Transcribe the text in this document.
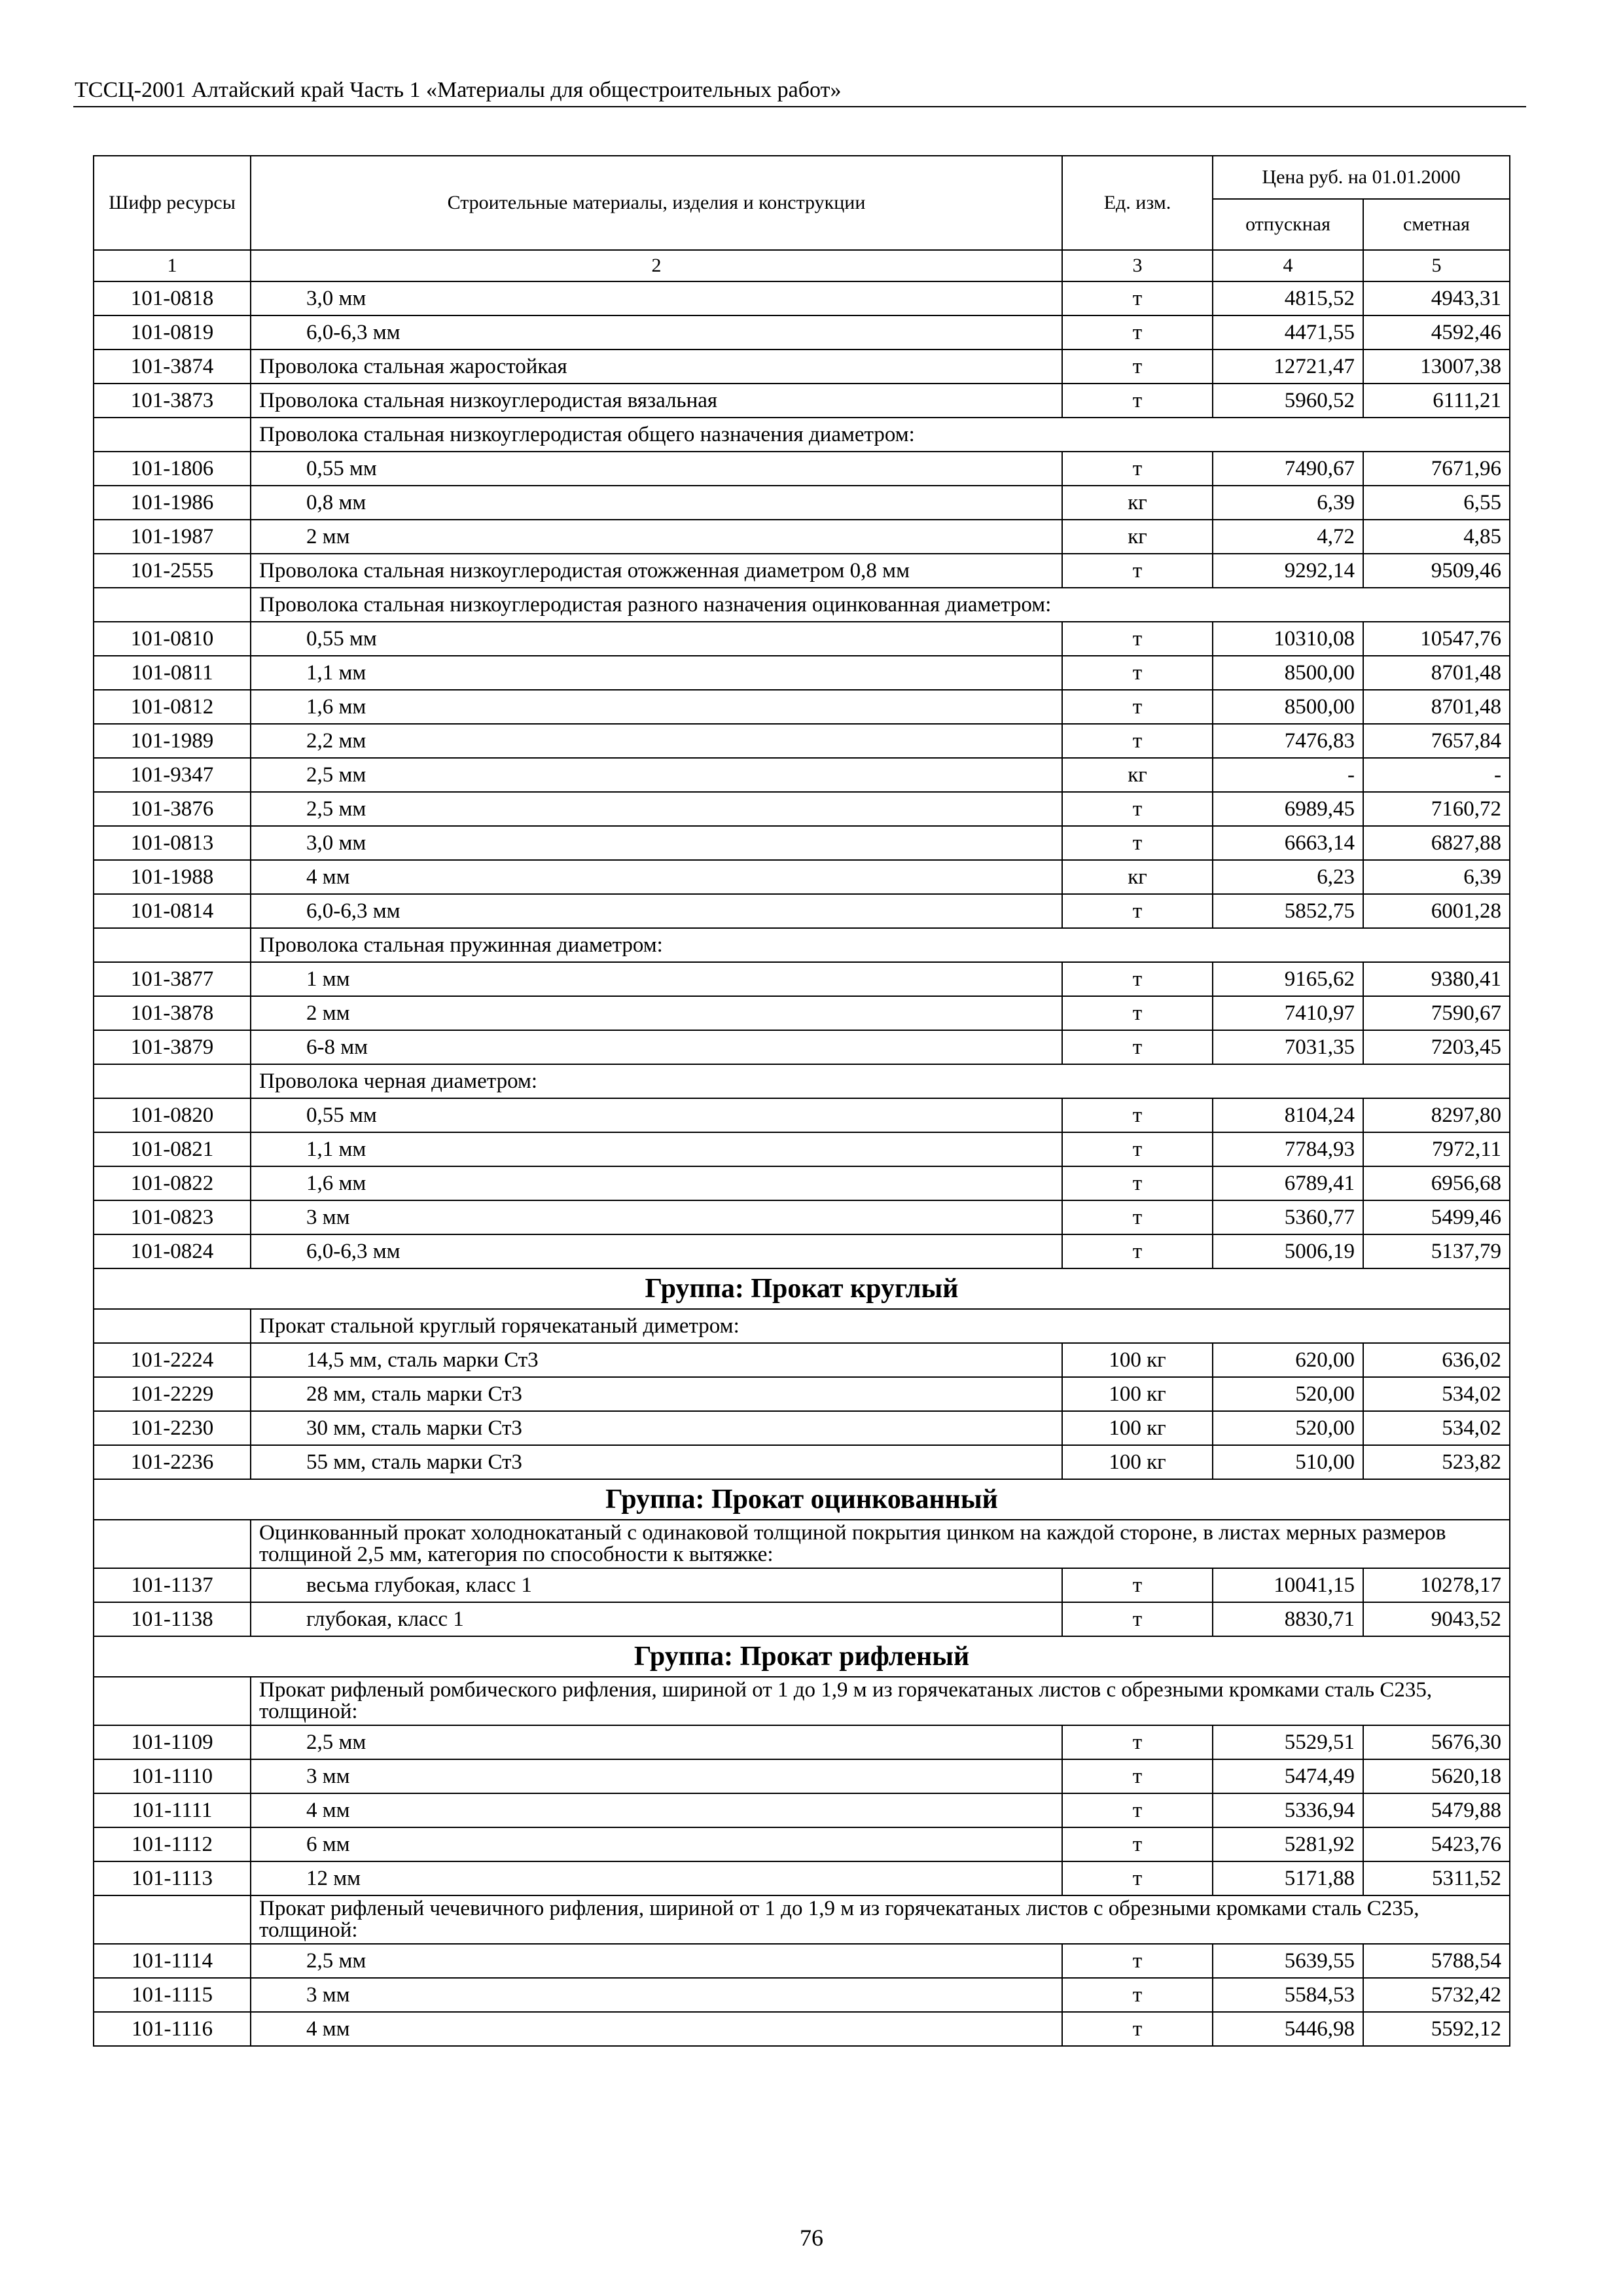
ТССЦ-2001 Алтайский край Часть 1 «Материалы для общестроительных работ»
Шифр ресурсы	Строительные материалы, изделия и конструкции	Ед. изм.	Цена руб. на 01.01.2000	
			отпускная	сметная
1	2	3	4	5
101-0818	3,0 мм	т	4815,52	4943,31
101-0819	6,0-6,3 мм	т	4471,55	4592,46
101-3874	Проволока стальная жаростойкая	т	12721,47	13007,38
101-3873	Проволока стальная низкоуглеродистая вязальная	т	5960,52	6111,21
	Проволока стальная низкоуглеродистая общего назначения диаметром:			
101-1806	0,55 мм	т	7490,67	7671,96
101-1986	0,8 мм	кг	6,39	6,55
101-1987	2 мм	кг	4,72	4,85
101-2555	Проволока стальная низкоуглеродистая отожженная диаметром 0,8 мм	т	9292,14	9509,46
	Проволока стальная низкоуглеродистая разного назначения оцинкованная диаметром:			
101-0810	0,55 мм	т	10310,08	10547,76
101-0811	1,1 мм	т	8500,00	8701,48
101-0812	1,6 мм	т	8500,00	8701,48
101-1989	2,2 мм	т	7476,83	7657,84
101-9347	2,5 мм	кг	-	-
101-3876	2,5 мм	т	6989,45	7160,72
101-0813	3,0 мм	т	6663,14	6827,88
101-1988	4 мм	кг	6,23	6,39
101-0814	6,0-6,3 мм	т	5852,75	6001,28
	Проволока стальная пружинная диаметром:			
101-3877	1 мм	т	9165,62	9380,41
101-3878	2 мм	т	7410,97	7590,67
101-3879	6-8 мм	т	7031,35	7203,45
	Проволока черная диаметром:			
101-0820	0,55 мм	т	8104,24	8297,80
101-0821	1,1 мм	т	7784,93	7972,11
101-0822	1,6 мм	т	6789,41	6956,68
101-0823	3 мм	т	5360,77	5499,46
101-0824	6,0-6,3 мм	т	5006,19	5137,79
Группа: Прокат круглый				
	Прокат стальной круглый горячекатаный диметром:			
101-2224	14,5 мм, сталь марки Ст3	100 кг	620,00	636,02
101-2229	28 мм, сталь марки Ст3	100 кг	520,00	534,02
101-2230	30 мм, сталь марки Ст3	100 кг	520,00	534,02
101-2236	55 мм, сталь марки Ст3	100 кг	510,00	523,82
Группа: Прокат оцинкованный				
	Оцинкованный прокат холоднокатаный с одинаковой толщиной покрытия цинком на каждой стороне, в листах мерных размеров толщиной 2,5 мм, категория по способности к вытяжке:			
101-1137	весьма глубокая, класс 1	т	10041,15	10278,17
101-1138	глубокая, класс 1	т	8830,71	9043,52
Группа: Прокат рифленый				
	Прокат рифленый ромбического рифления, шириной от 1 до 1,9 м из горячекатаных листов с обрезными кромками сталь С235, толщиной:			
101-1109	2,5 мм	т	5529,51	5676,30
101-1110	3 мм	т	5474,49	5620,18
101-1111	4 мм	т	5336,94	5479,88
101-1112	6 мм	т	5281,92	5423,76
101-1113	12 мм	т	5171,88	5311,52
	Прокат рифленый чечевичного рифления, шириной от 1 до 1,9 м из горячекатаных листов с обрезными кромками сталь С235, толщиной:			
101-1114	2,5 мм	т	5639,55	5788,54
101-1115	3 мм	т	5584,53	5732,42
101-1116	4 мм	т	5446,98	5592,12
76
